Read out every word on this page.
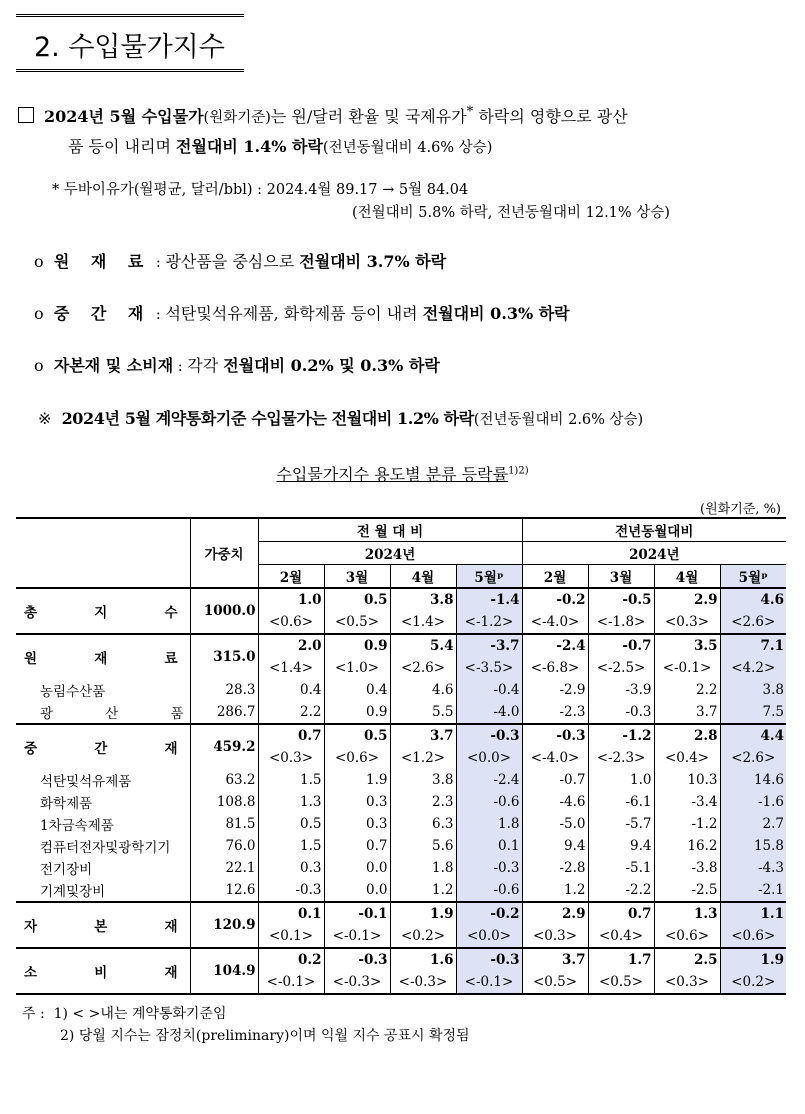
2. 수입물가지수
2024년 5월 수입물가(원화기준)는 원/달러 환율 및 국제유가* 하락의 영향으로 광산
품 등이 내리며 전월대비 1.4% 하락(전년동월대비 4.6% 상승)
* 두바이유가(월평균, 달러/bbl) : 2024.4월 89.17 → 5월 84.04
(전월대비 5.8% 하락, 전년동월대비 12.1% 상승)
o 원 재 료 : 광산품을 중심으로 전월대비 3.7% 하락
o 중 간 재 : 석탄및석유제품, 화학제품 등이 내려 전월대비 0.3% 하락
o 자본재 및 소비재 : 각각 전월대비 0.2% 및 0.3% 하락
※ 2024년 5월 계약통화기준 수입물가는 전월대비 1.2% 하락(전년동월대비 2.6% 상승)
수입물가지수 용도별 분류 등락률$^{1)2)}$
(원화기준, %)
	가중치	전 월 대 비				전년동월대비			
		2024년				2024년			
		2월	3월	4월	5월ᵖ	2월	3월	4월	5월ᵖ
총 지 수	1000.0	1.0	0.5	3.8	-1.4	-0.2	-0.5	2.9	4.6
		<0.6>	<0.5>	<1.4>	<-1.2>	<-4.0>	<-1.8>	<0.3>	<2.6>
원 재 료	315.0	2.0	0.9	5.4	-3.7	-2.4	-0.7	3.5	7.1
		<1.4>	<1.0>	<2.6>	<-3.5>	<-6.8>	<-2.5>	<-0.1>	<4.2>
농림수산품	28.3	0.4	0.4	4.6	-0.4	-2.9	-3.9	2.2	3.8
광 산 품	286.7	2.2	0.9	5.5	-4.0	-2.3	-0.3	3.7	7.5
중 간 재	459.2	0.7	0.5	3.7	-0.3	-0.3	-1.2	2.8	4.4
		<0.3>	<0.6>	<1.2>	<0.0>	<-4.0>	<-2.3>	<0.4>	<2.6>
석탄및석유제품	63.2	1.5	1.9	3.8	-2.4	-0.7	1.0	10.3	14.6
화학제품	108.8	1.3	0.3	2.3	-0.6	-4.6	-6.1	-3.4	-1.6
1차금속제품	81.5	0.5	0.3	6.3	1.8	-5.0	-5.7	-1.2	2.7
컴퓨터전자및광학기기	76.0	1.5	0.7	5.6	0.1	9.4	9.4	16.2	15.8
전기장비	22.1	0.3	0.0	1.8	-0.3	-2.8	-5.1	-3.8	-4.3
기계및장비	12.6	-0.3	0.0	1.2	-0.6	1.2	-2.2	-2.5	-2.1
자 본 재	120.9	0.1	-0.1	1.9	-0.2	2.9	0.7	1.3	1.1
		<0.1>	<-0.1>	<0.2>	<0.0>	<0.3>	<0.4>	<0.6>	<0.6>
소 비 재	104.9	0.2	-0.3	1.6	-0.3	3.7	1.7	2.5	1.9
		<-0.1>	<-0.3>	<-0.3>	<-0.1>	<0.5>	<0.5>	<0.3>	<0.2>
주 : 1) < >내는 계약통화기준임
2) 당월 지수는 잠정치(preliminary)이며 익월 지수 공표시 확정됨
